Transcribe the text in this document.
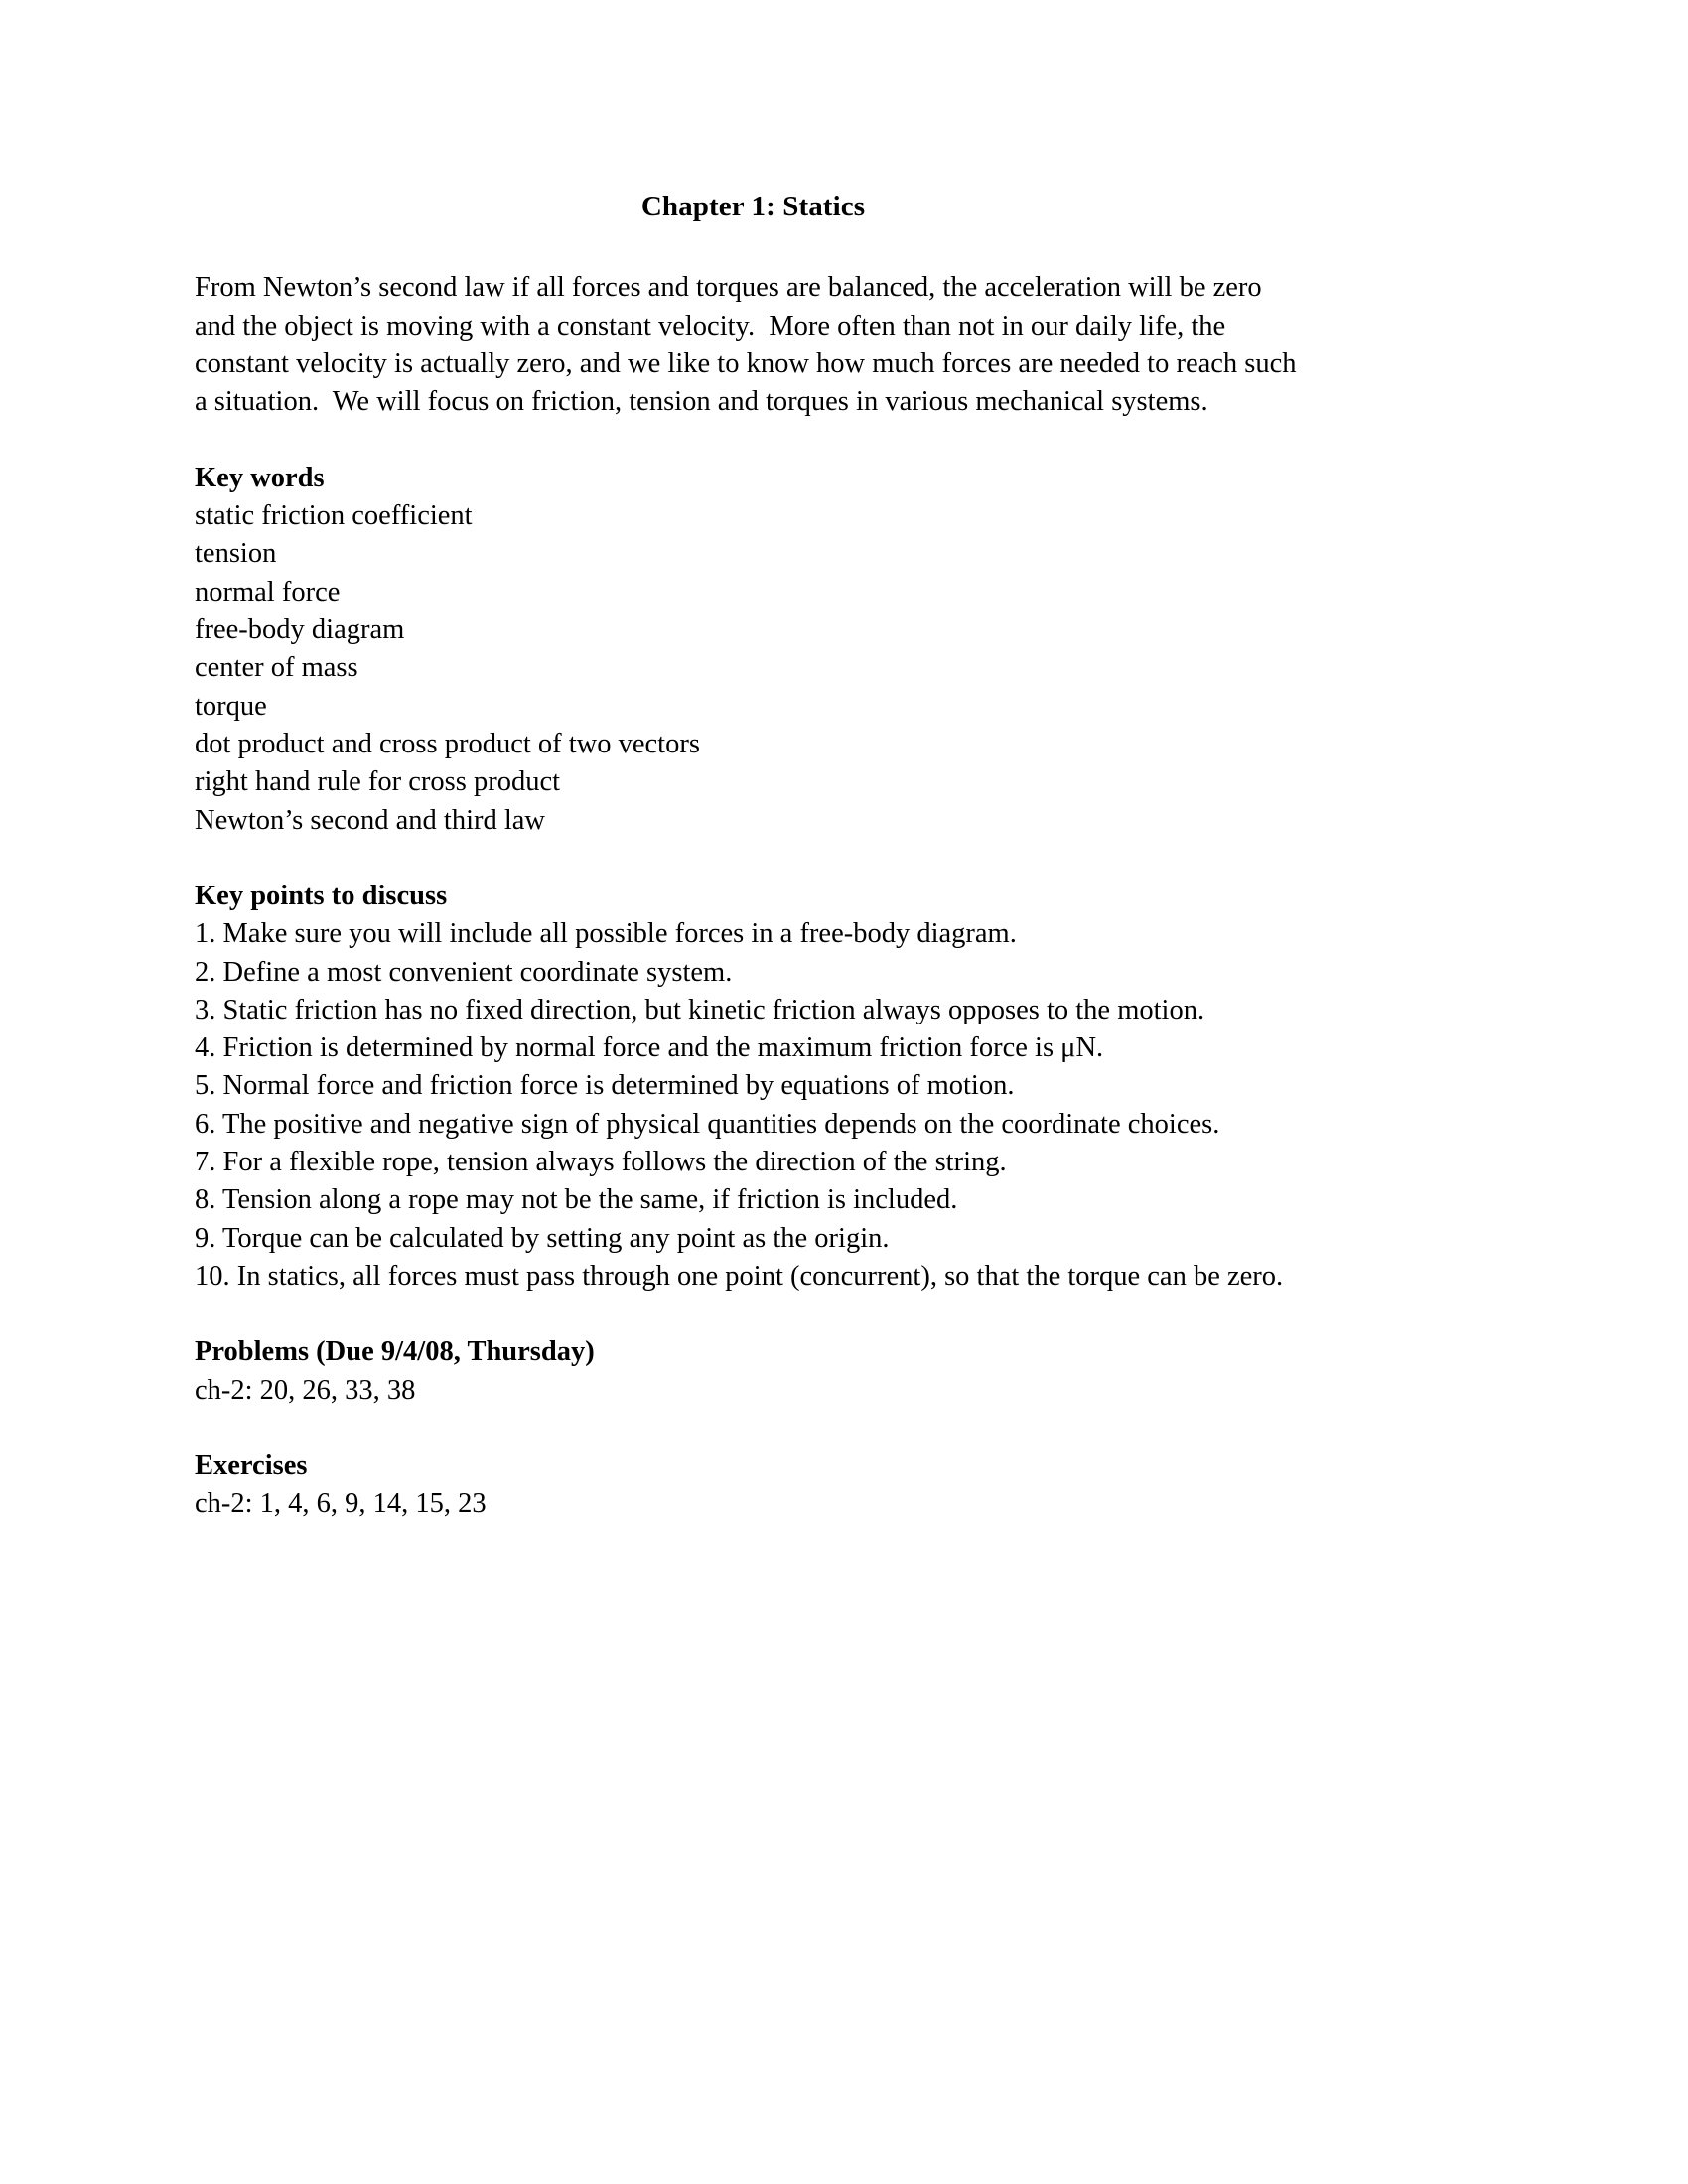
Chapter 1: Statics
From Newton’s second law if all forces and torques are balanced, the acceleration will be zero
and the object is moving with a constant velocity.  More often than not in our daily life, the
constant velocity is actually zero, and we like to know how much forces are needed to reach such
a situation.  We will focus on friction, tension and torques in various mechanical systems.
Key words
static friction coefficient
tension
normal force
free-body diagram
center of mass
torque
dot product and cross product of two vectors
right hand rule for cross product
Newton’s second and third law
Key points to discuss
1. Make sure you will include all possible forces in a free-body diagram.
2. Define a most convenient coordinate system.
3. Static friction has no fixed direction, but kinetic friction always opposes to the motion.
4. Friction is determined by normal force and the maximum friction force is μN.
5. Normal force and friction force is determined by equations of motion.
6. The positive and negative sign of physical quantities depends on the coordinate choices.
7. For a flexible rope, tension always follows the direction of the string.
8. Tension along a rope may not be the same, if friction is included.
9. Torque can be calculated by setting any point as the origin.
10. In statics, all forces must pass through one point (concurrent), so that the torque can be zero.
Problems (Due 9/4/08, Thursday)
ch-2: 20, 26, 33, 38
Exercises
ch-2: 1, 4, 6, 9, 14, 15, 23
